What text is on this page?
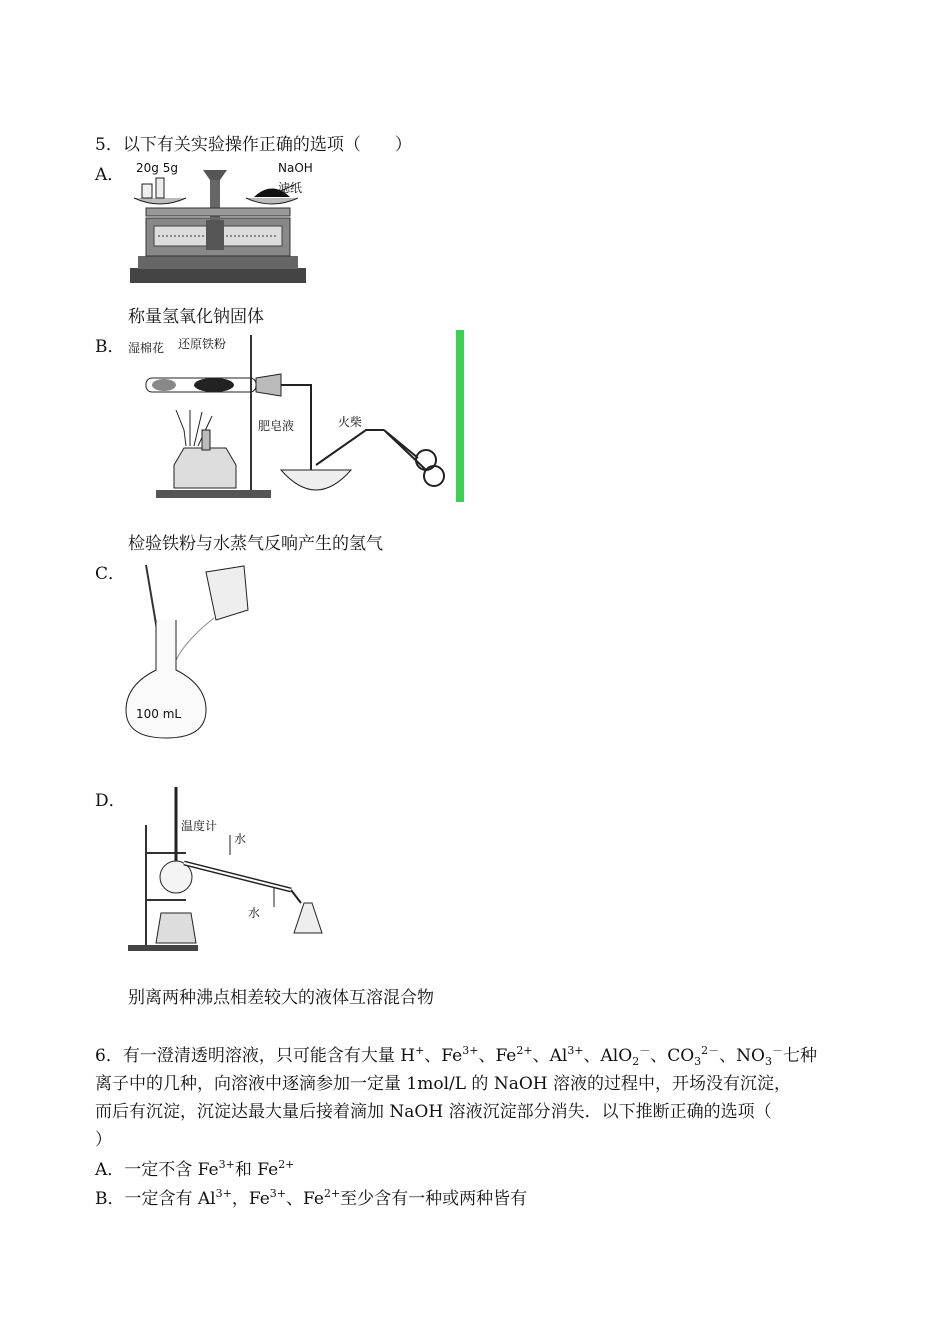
5．以下有关实验操作正确的选项（　　）
A． 20g 5g	NaOH
滤纸
称量氢氧化钠固体
B． 湿棉花 还原铁粉
肥皂液	火柴
检验铁粉与水蒸气反响产生的氢气
C．
100 mL
D．
温度计
水
水
别离两种沸点相差较大的液体互溶混合物
6．有一澄清透明溶液，只可能含有大量 H+、$Fe^{3+}$、$Fe^{2+}$、$Al^{3+}$、AlO$_2$－、$CO_3^{2-}$、$NO_3^-$七种
离子中的几种，向溶液中逐滴参加一定量 1mol/L 的 NaOH 溶液的过程中，开场没有沉淀，
而后有沉淀，沉淀达最大量后接着滴加 NaOH 溶液沉淀部分消失．以下推断正确的选项（
）
A．一定不含 $Fe^{3+}$和 $Fe^{2+}$
B．一定含有 $Al^{3+}$，$Fe^{3+}$、$Fe^{2+}$至少含有一种或两种皆有
